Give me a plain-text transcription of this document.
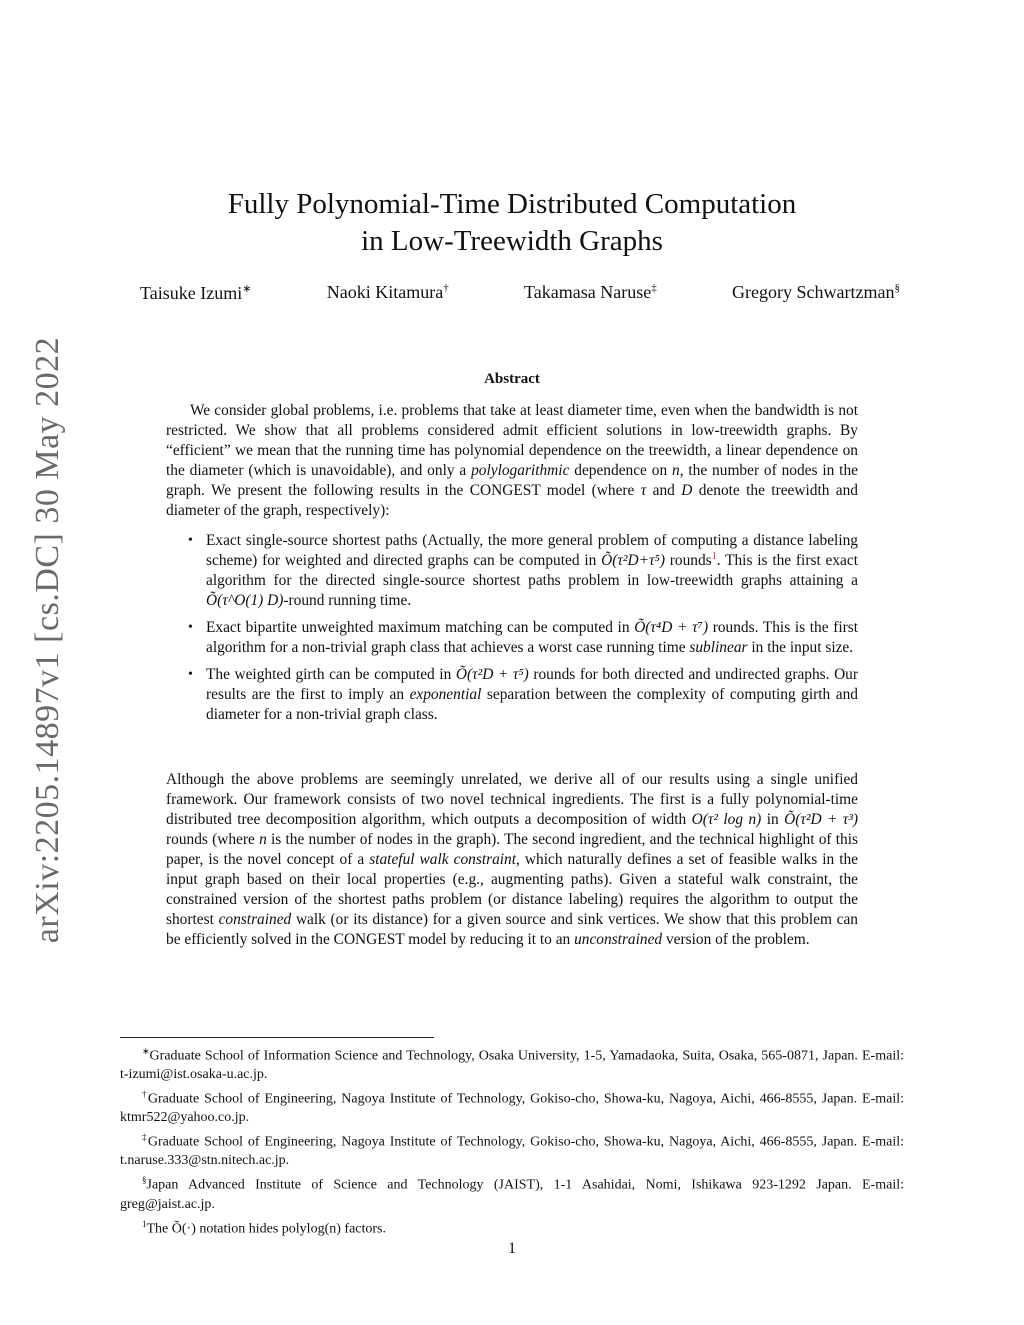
arXiv:2205.14897v1 [cs.DC] 30 May 2022
Fully Polynomial-Time Distributed Computation
in Low-Treewidth Graphs
Taisuke Izumi∗	Naoki Kitamura†	Takamasa Naruse‡	Gregory Schwartzman§
Abstract

We consider global problems, i.e. problems that take at least diameter time, even when the bandwidth is not restricted. We show that all problems considered admit efficient solutions in low-treewidth graphs. By “efficient” we mean that the running time has polynomial dependence on the treewidth, a linear dependence on the diameter (which is unavoidable), and only a polylogarithmic dependence on n, the number of nodes in the graph. We present the following results in the CONGEST model (where τ and D denote the treewidth and diameter of the graph, respectively):

• Exact single-source shortest paths (Actually, the more general problem of computing a distance labeling scheme) for weighted and directed graphs can be computed in Õ(τ²D+τ⁵) rounds$^1$. This is the first exact algorithm for the directed single-source shortest paths problem in low-treewidth graphs attaining a Õ(τ^O(1) D)-round running time.
• Exact bipartite unweighted maximum matching can be computed in Õ(τ⁴D + τ⁷) rounds. This is the first algorithm for a non-trivial graph class that achieves a worst case running time sublinear in the input size.
• The weighted girth can be computed in Õ(τ²D + τ⁵) rounds for both directed and undirected graphs. Our results are the first to imply an exponential separation between the complexity of computing girth and diameter for a non-trivial graph class.

Although the above problems are seemingly unrelated, we derive all of our results using a single unified framework. Our framework consists of two novel technical ingredients. The first is a fully polynomial-time distributed tree decomposition algorithm, which outputs a decomposition of width O(τ² log n) in Õ(τ²D + τ³) rounds (where n is the number of nodes in the graph). The second ingredient, and the technical highlight of this paper, is the novel concept of a stateful walk constraint, which naturally defines a set of feasible walks in the input graph based on their local properties (e.g., augmenting paths). Given a stateful walk constraint, the constrained version of the shortest paths problem (or distance labeling) requires the algorithm to output the shortest constrained walk (or its distance) for a given source and sink vertices. We show that this problem can be efficiently solved in the CONGEST model by reducing it to an unconstrained version of the problem.

∗Graduate School of Information Science and Technology, Osaka University, 1-5, Yamadaoka, Suita, Osaka, 565-0871, Japan. E-mail: t-izumi@ist.osaka-u.ac.jp.

†Graduate School of Engineering, Nagoya Institute of Technology, Gokiso-cho, Showa-ku, Nagoya, Aichi, 466-8555, Japan. E-mail: ktmr522@yahoo.co.jp.

‡Graduate School of Engineering, Nagoya Institute of Technology, Gokiso-cho, Showa-ku, Nagoya, Aichi, 466-8555, Japan. E-mail: t.naruse.333@stn.nitech.ac.jp.

§Japan Advanced Institute of Science and Technology (JAIST), 1-1 Asahidai, Nomi, Ishikawa 923-1292 Japan. E-mail: greg@jaist.ac.jp.

$^1$The Õ(·) notation hides polylog(n) factors.

1
